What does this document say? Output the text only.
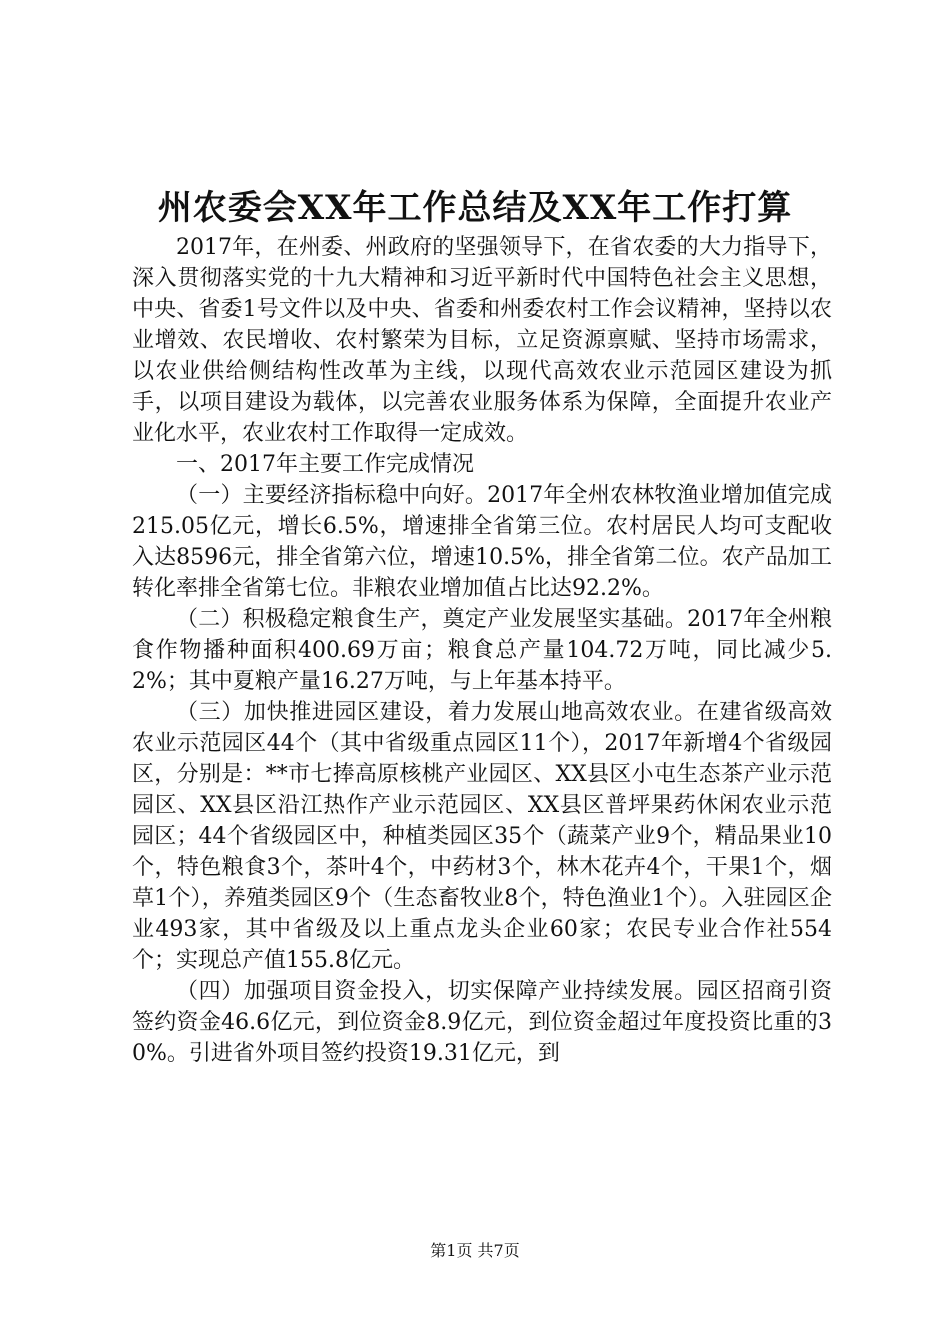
州农委会XX年工作总结及XX年工作打算

2017年，在州委、州政府的坚强领导下，在省农委的大力指导下，深入贯彻落实党的十九大精神和习近平新时代中国特色社会主义思想，中央、省委1号文件以及中央、省委和州委农村工作会议精神，坚持以农业增效、农民增收、农村繁荣为目标，立足资源禀赋、坚持市场需求，以农业供给侧结构性改革为主线，以现代高效农业示范园区建设为抓手，以项目建设为载体，以完善农业服务体系为保障，全面提升农业产业化水平，农业农村工作取得一定成效。

一、2017年主要工作完成情况

（一）主要经济指标稳中向好。2017年全州农林牧渔业增加值完成215.05亿元，增长6.5%，增速排全省第三位。农村居民人均可支配收入达8596元，排全省第六位，增速10.5%，排全省第二位。农产品加工转化率排全省第七位。非粮农业增加值占比达92.2%。

（二）积极稳定粮食生产，奠定产业发展坚实基础。2017年全州粮食作物播种面积400.69万亩；粮食总产量104.72万吨，同比减少5.2%；其中夏粮产量16.27万吨，与上年基本持平。

（三）加快推进园区建设，着力发展山地高效农业。在建省级高效农业示范园区44个（其中省级重点园区11个），2017年新增4个省级园区，分别是：**市七捧高原核桃产业园区、XX县区小屯生态茶产业示范园区、XX县区沿江热作产业示范园区、XX县区普坪果药休闲农业示范园区；44个省级园区中，种植类园区35个（蔬菜产业9个，精品果业10个，特色粮食3个，茶叶4个，中药材3个，林木花卉4个，干果1个，烟草1个），养殖类园区9个（生态畜牧业8个，特色渔业1个）。入驻园区企业493家，其中省级及以上重点龙头企业60家；农民专业合作社554个；实现总产值155.8亿元。

（四）加强项目资金投入，切实保障产业持续发展。园区招商引资签约资金46.6亿元，到位资金8.9亿元，到位资金超过年度投资比重的30%。引进省外项目签约投资19.31亿元，到

第1页 共7页
